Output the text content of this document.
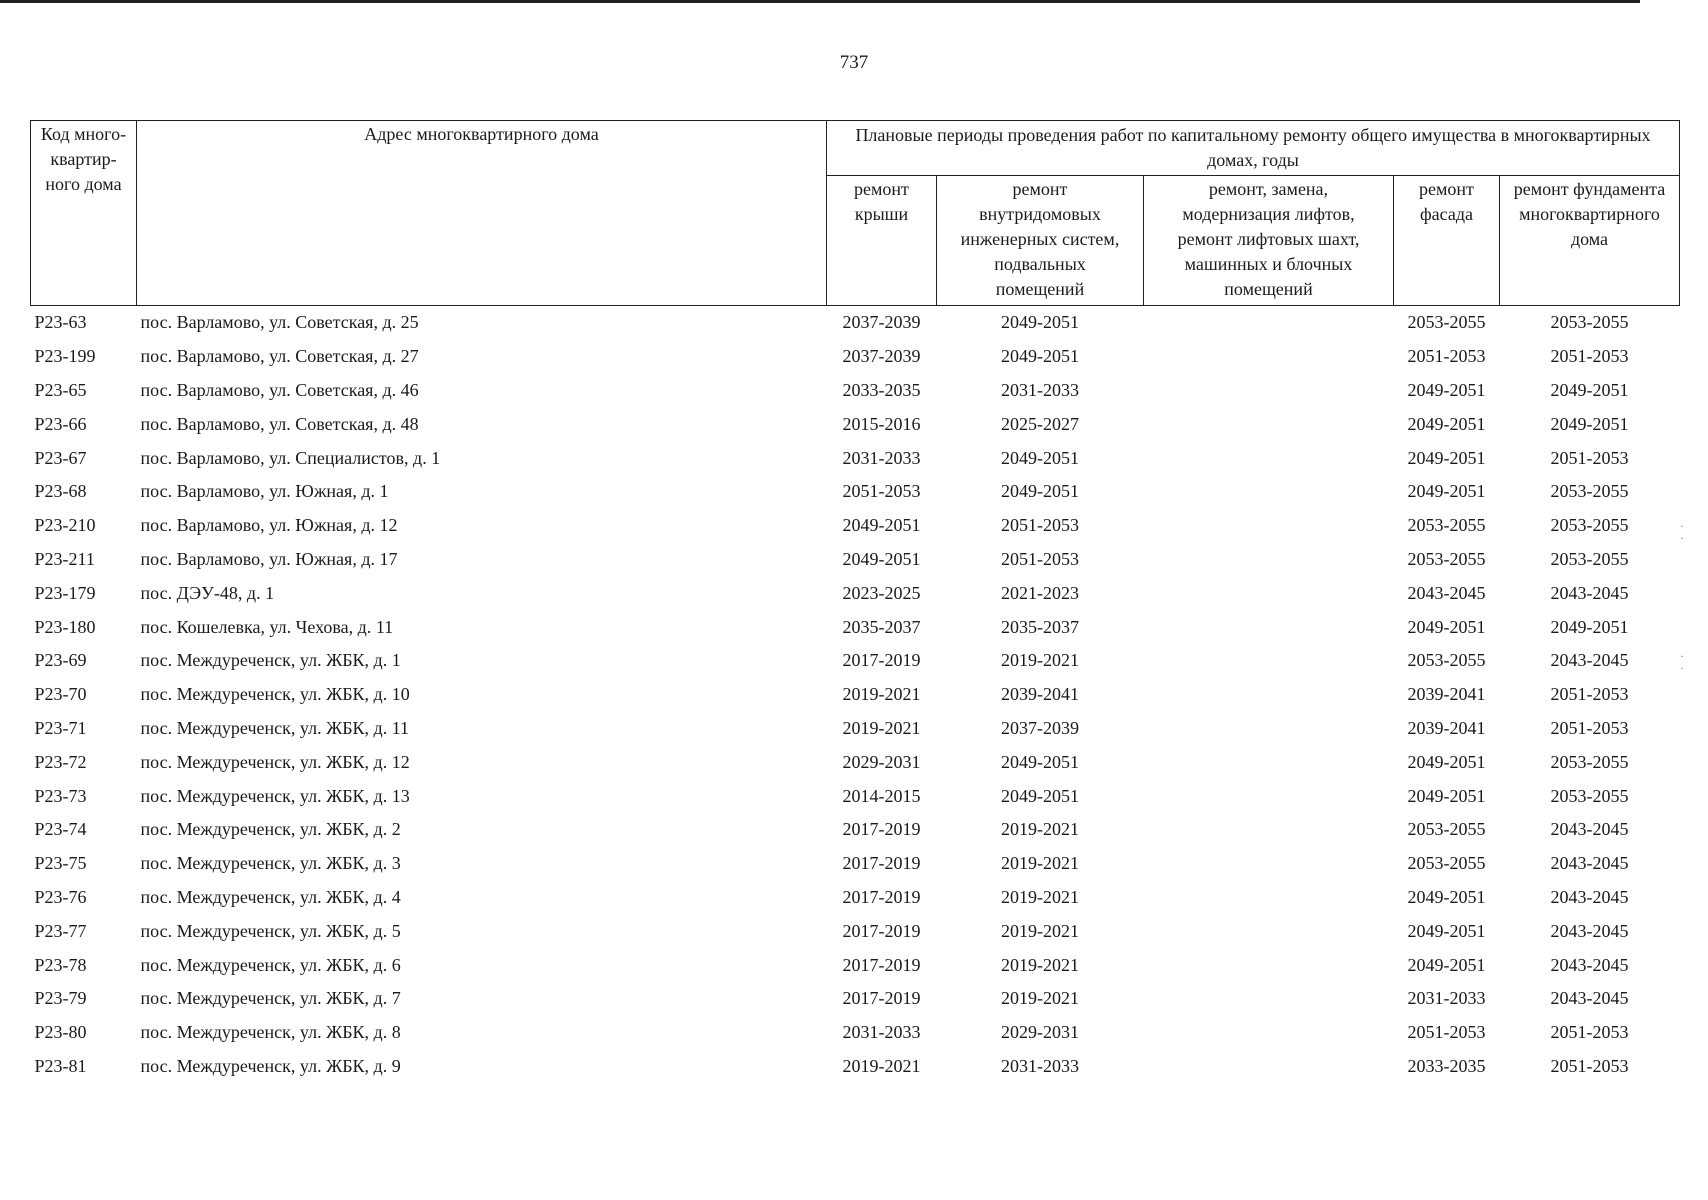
737
Код много-
квартир-
ного дома	Адрес многоквартирного дома	Плановые периоды проведения работ по капитальному ремонту общего имущества в многоквартирных домах, годы				
		ремонт
крыши	ремонт
внутридомовых
инженерных систем,
подвальных
помещений	ремонт, замена,
модернизация лифтов,
ремонт лифтовых шахт,
машинных и блочных
помещений	ремонт
фасада	ремонт фундамента
многоквартирного
дома
Р23-63	пос. Варламово, ул. Советская, д. 25	2037-2039	2049-2051		2053-2055	2053-2055
Р23-199	пос. Варламово, ул. Советская, д. 27	2037-2039	2049-2051		2051-2053	2051-2053
Р23-65	пос. Варламово, ул. Советская, д. 46	2033-2035	2031-2033		2049-2051	2049-2051
Р23-66	пос. Варламово, ул. Советская, д. 48	2015-2016	2025-2027		2049-2051	2049-2051
Р23-67	пос. Варламово, ул. Специалистов, д. 1	2031-2033	2049-2051		2049-2051	2051-2053
Р23-68	пос. Варламово, ул. Южная, д. 1	2051-2053	2049-2051		2049-2051	2053-2055
Р23-210	пос. Варламово, ул. Южная, д. 12	2049-2051	2051-2053		2053-2055	2053-2055
Р23-211	пос. Варламово, ул. Южная, д. 17	2049-2051	2051-2053		2053-2055	2053-2055
Р23-179	пос. ДЭУ-48, д. 1	2023-2025	2021-2023		2043-2045	2043-2045
Р23-180	пос. Кошелевка, ул. Чехова, д. 11	2035-2037	2035-2037		2049-2051	2049-2051
Р23-69	пос. Междуреченск, ул. ЖБК, д. 1	2017-2019	2019-2021		2053-2055	2043-2045
Р23-70	пос. Междуреченск, ул. ЖБК, д. 10	2019-2021	2039-2041		2039-2041	2051-2053
Р23-71	пос. Междуреченск, ул. ЖБК, д. 11	2019-2021	2037-2039		2039-2041	2051-2053
Р23-72	пос. Междуреченск, ул. ЖБК, д. 12	2029-2031	2049-2051		2049-2051	2053-2055
Р23-73	пос. Междуреченск, ул. ЖБК, д. 13	2014-2015	2049-2051		2049-2051	2053-2055
Р23-74	пос. Междуреченск, ул. ЖБК, д. 2	2017-2019	2019-2021		2053-2055	2043-2045
Р23-75	пос. Междуреченск, ул. ЖБК, д. 3	2017-2019	2019-2021		2053-2055	2043-2045
Р23-76	пос. Междуреченск, ул. ЖБК, д. 4	2017-2019	2019-2021		2049-2051	2043-2045
Р23-77	пос. Междуреченск, ул. ЖБК, д. 5	2017-2019	2019-2021		2049-2051	2043-2045
Р23-78	пос. Междуреченск, ул. ЖБК, д. 6	2017-2019	2019-2021		2049-2051	2043-2045
Р23-79	пос. Междуреченск, ул. ЖБК, д. 7	2017-2019	2019-2021		2031-2033	2043-2045
Р23-80	пос. Междуреченск, ул. ЖБК, д. 8	2031-2033	2029-2031		2051-2053	2051-2053
Р23-81	пос. Междуреченск, ул. ЖБК, д. 9	2019-2021	2031-2033		2033-2035	2051-2053
·
·
·
·
